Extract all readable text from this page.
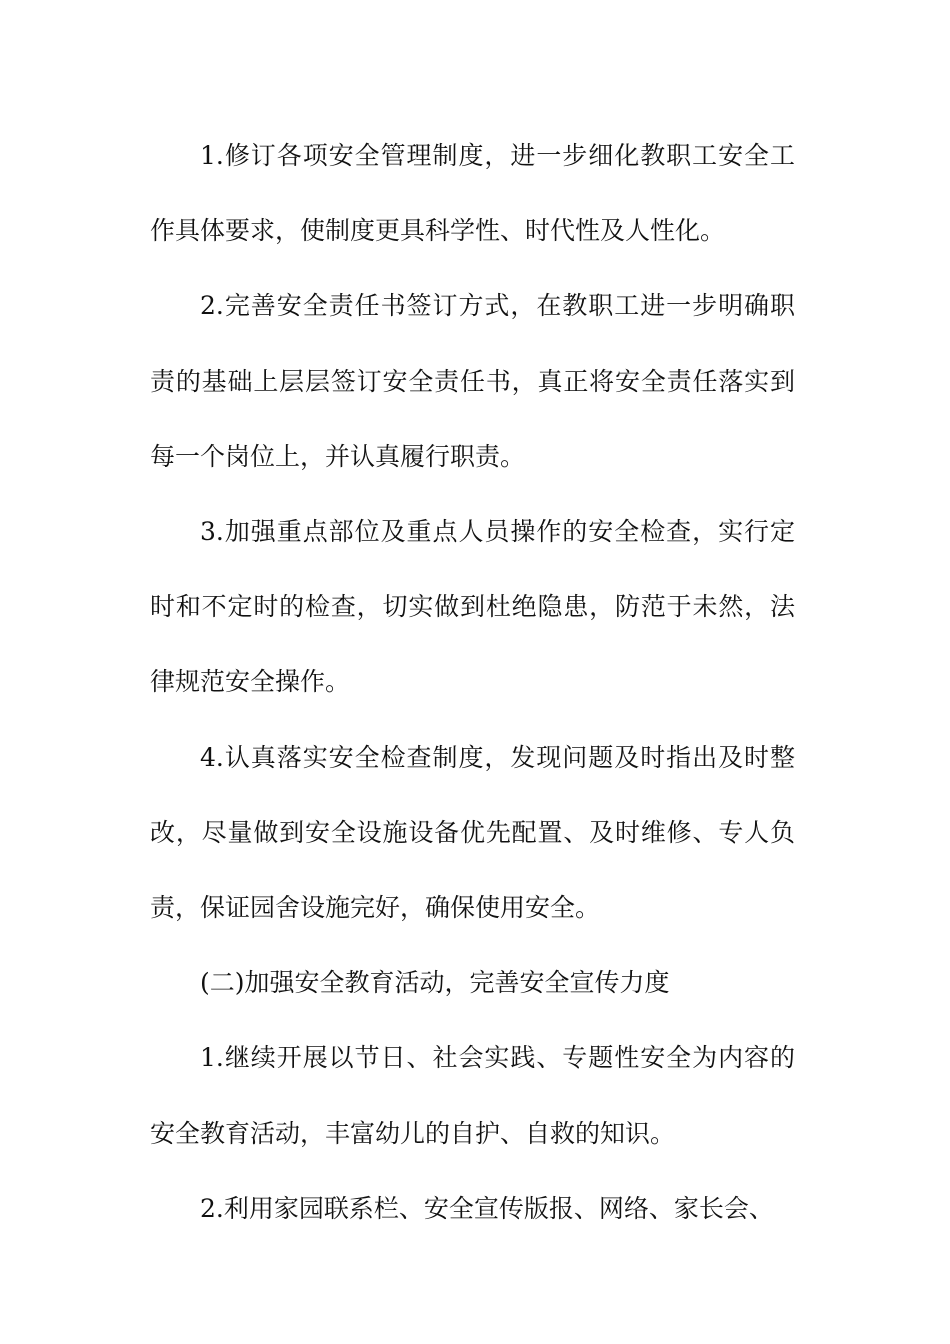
1.修订各项安全管理制度，进一步细化教职工安全工作具体要求，使制度更具科学性、时代性及人性化。

2.完善安全责任书签订方式，在教职工进一步明确职责的基础上层层签订安全责任书，真正将安全责任落实到每一个岗位上，并认真履行职责。

3.加强重点部位及重点人员操作的安全检查，实行定时和不定时的检查，切实做到杜绝隐患，防范于未然，法律规范安全操作。

4.认真落实安全检查制度，发现问题及时指出及时整改，尽量做到安全设施设备优先配置、及时维修、专人负责，保证园舍设施完好，确保使用安全。

(二)加强安全教育活动，完善安全宣传力度

1.继续开展以节日、社会实践、专题性安全为内容的安全教育活动，丰富幼儿的自护、自救的知识。

2.利用家园联系栏、安全宣传版报、网络、家长会、
